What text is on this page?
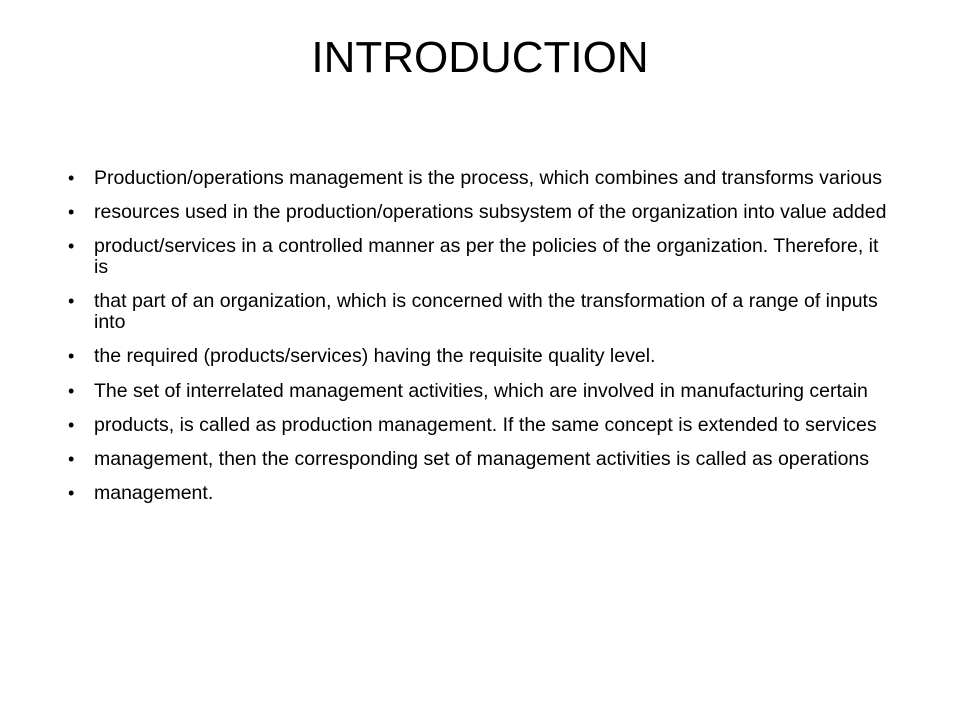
INTRODUCTION
•	Production/operations management is the process, which combines and transforms various
•	resources used in the production/operations subsystem of the organization into value added
•	product/services in a controlled manner as per the policies of the organization. Therefore, it is
•	that part of an organization, which is concerned with the transformation of a range of inputs into
•	the required (products/services) having the requisite quality level.
•	The set of interrelated management activities, which are involved in manufacturing certain
•	products, is called as production management. If the same concept is extended to services
•	management, then the corresponding set of management activities is called as operations
•	management.
